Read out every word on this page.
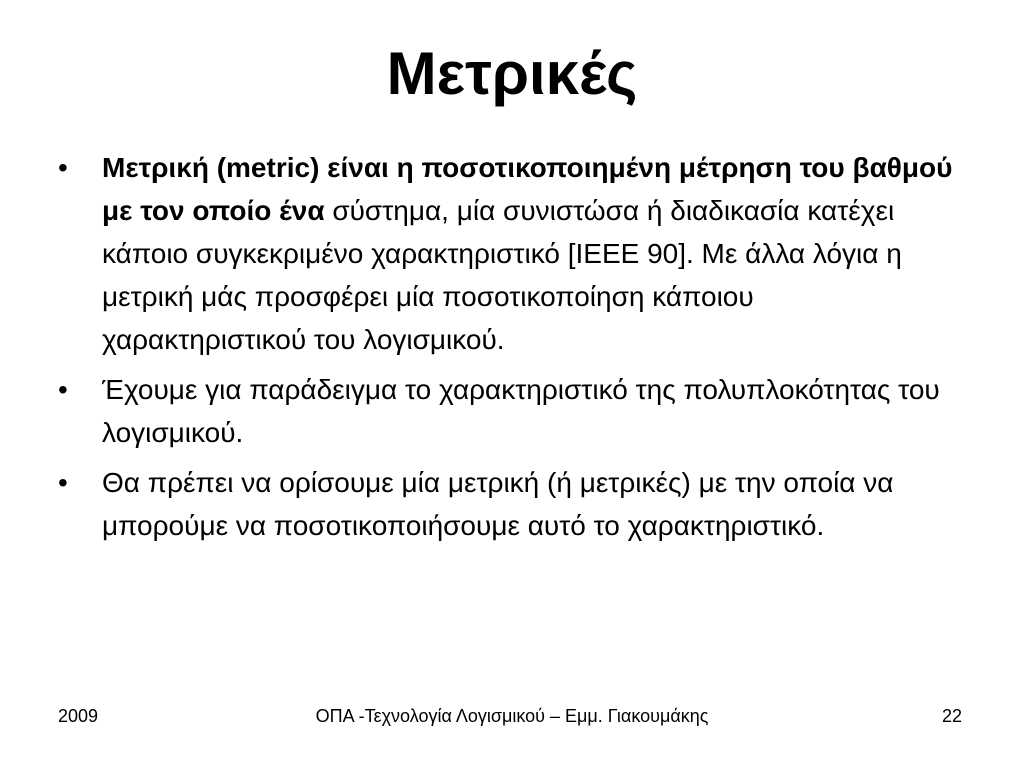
Μετρικές
• Μετρική (metric) είναι η ποσοτικοποιημένη μέτρηση του βαθμού με τον οποίο ένα σύστημα, μία συνιστώσα ή διαδικασία κατέχει κάποιο συγκεκριμένο χαρακτηριστικό [IEEE 90]. Με άλλα λόγια η μετρική μάς προσφέρει μία ποσοτικοποίηση κάποιου χαρακτηριστικού του λογισμικού.
• Έχουμε για παράδειγμα το χαρακτηριστικό της πολυπλοκότητας του λογισμικού.
• Θα πρέπει να ορίσουμε μία μετρική (ή μετρικές) με την οποία να μπορούμε να ποσοτικοποιήσουμε αυτό το χαρακτηριστικό.
2009	ΟΠΑ -Τεχνολογία Λογισμικού – Εμμ. Γιακουμάκης	22
